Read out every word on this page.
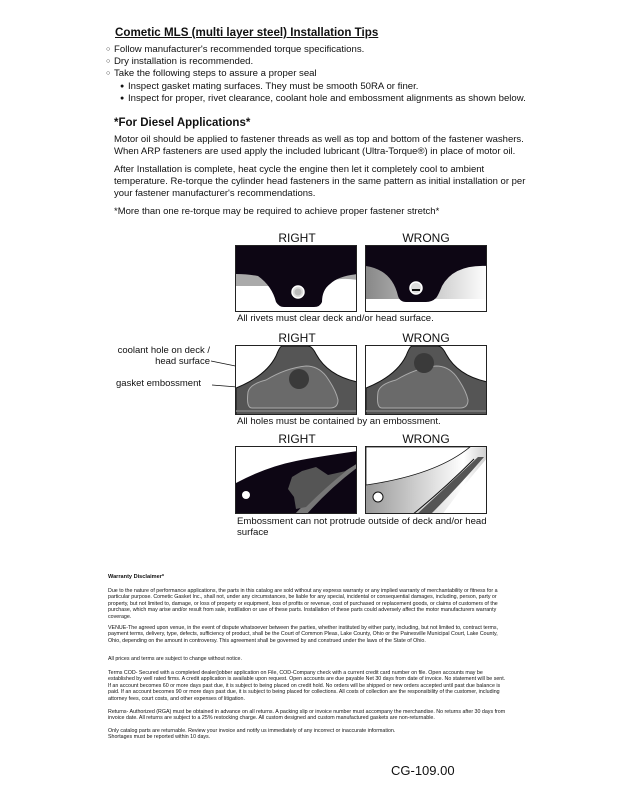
Cometic MLS (multi layer steel) Installation Tips
○ Follow manufacturer's recommended torque specifications.
○ Dry installation is recommended.
○ Take the following steps to assure a proper seal
● Inspect gasket mating surfaces. They must be smooth 50RA or finer.
● Inspect for proper, rivet clearance, coolant hole and embossment alignments as shown below.
*For Diesel Applications*
Motor oil should be applied to fastener threads as well as top and bottom of the fastener washers. When ARP fasteners are used apply the included lubricant (Ultra-Torque®) in place of motor oil.
After Installation is complete, heat cycle the engine then let it completely cool to ambient temperature. Re-torque the cylinder head fasteners in the same pattern as initial installation or per your fastener manufacturer's recommendations.
*More than one re-torque may be required to achieve proper fastener stretch*
RIGHT	WRONG
All rivets must clear deck and/or head surface.
RIGHT	WRONG
coolant hole on deck / head surface
gasket embossment
All holes must be contained by an embossment.
RIGHT	WRONG
Embossment can not protrude outside of deck and/or head surface
Warranty Disclaimer*
Due to the nature of performance applications, the parts in this catalog are sold without any express warranty or any implied warranty of merchantability or fitness for a particular purpose. Cometic Gasket Inc., shall not, under any circumstances, be liable for any special, incidental or consequential damages, including, person, party or property, but not limited to, damage, or loss of property or equipment, loss of profits or revenue, cost of purchased or replacement goods, or claims of customers of the purchase, which may arise and/or result from sale, instillation or use of these parts. Installation of these parts could adversely affect the motor manufacturers warranty coverage.
VENUE-The agreed upon venue, in the event of dispute whatsoever between the parties, whether instituted by either party, including, but not limited to, contract terms, payment terms, delivery, type, defects, sufficiency of product, shall be the Court of Common Pleas, Lake County, Ohio or the Painesville Municipal Court, Lake County, Ohio, depending on the amount in controversy. This agreement shall be governed by and construed under the laws of the State of Ohio.
All prices and terms are subject to change without notice.
Terms COD- Secured with a completed dealer/jobber application on File, COD-Company check with a current credit card number on file. Open accounts may be established by well rated firms. A credit application is available upon request. Open accounts are due payable Net 30 days from date of invoice. No statement will be sent. If an account becomes 60 or more days past due, it is subject to being placed on credit hold. No orders will be shipped or new orders accepted until past due balance is paid. If an account becomes 90 or more days past due, it is subject to being placed for collections. All costs of collection are the responsibility of the customer, including attorney fees, court costs, and other expenses of litigation.
Returns- Authorized (RGA) must be obtained in advance on all returns. A packing slip or invoice number must accompany the merchandise. No returns after 30 days from invoice date. All returns are subject to a 25% restocking charge. All custom designed and custom manufactured gaskets are non-returnable.
Only catalog parts are returnable. Review your invoice and notify us immediately of any incorrect or inaccurate information. Shortages must be reported within 10 days.
CG-109.00
